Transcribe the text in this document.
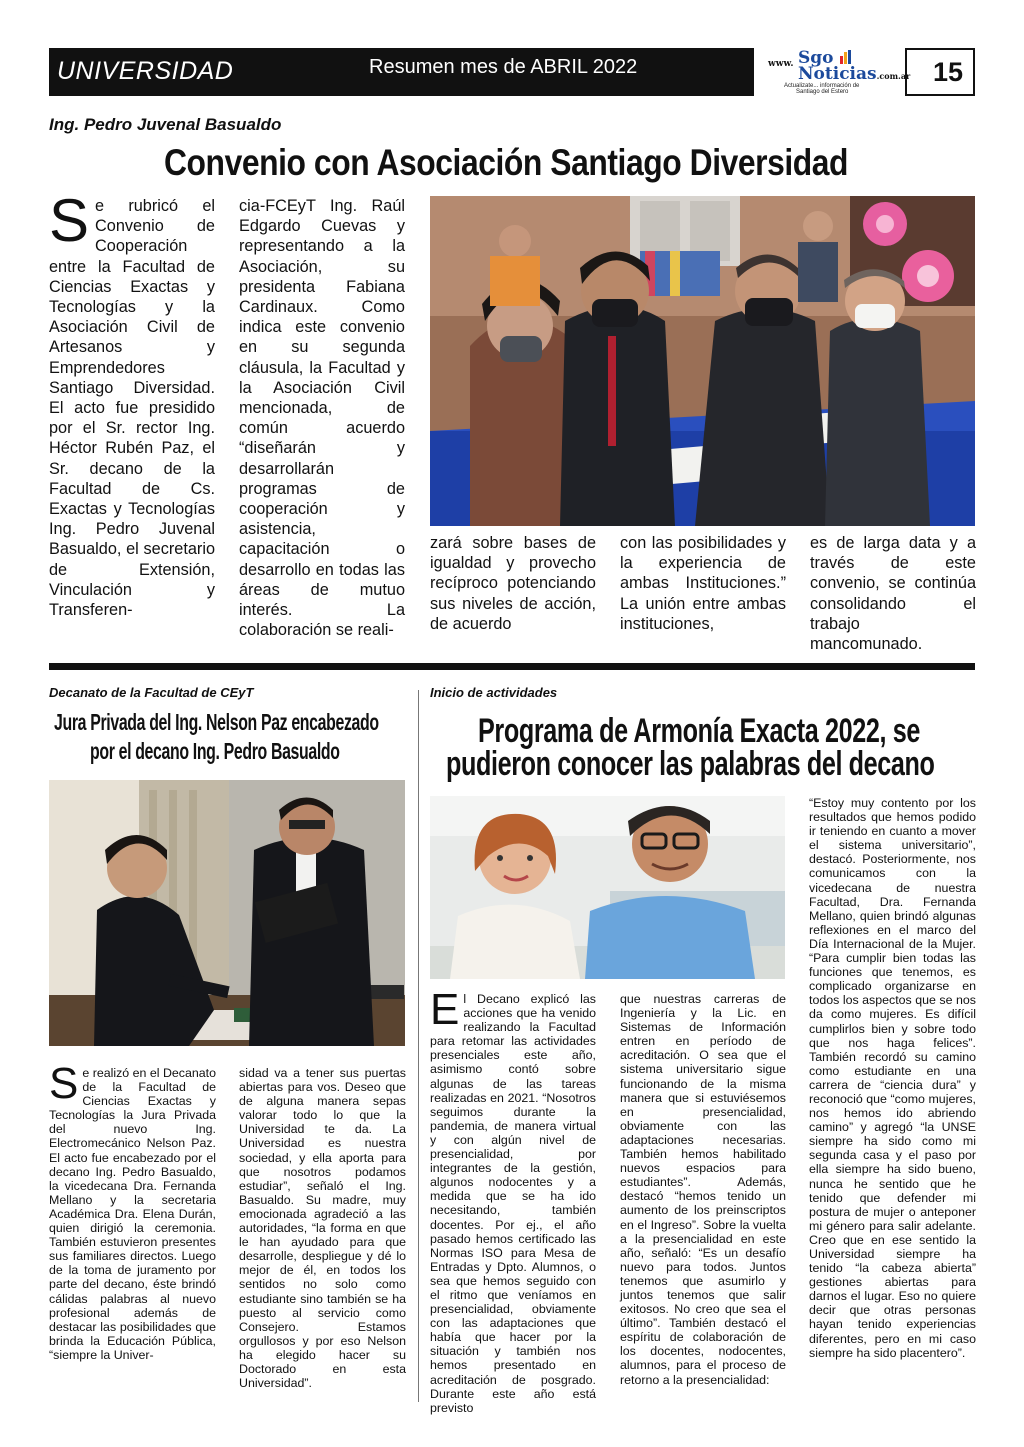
UNIVERSIDAD	Resumen mes de ABRIL 2022	www. Sgo
Noticias.com.ar
Actualizate... información de
Santiago del Estero
15
Ing. Pedro Juvenal Basualdo
Convenio con Asociación Santiago Diversidad
Se rubricó el Convenio de Cooperación entre la Facultad de Ciencias Exactas y Tecnologías y la Asociación Civil de Artesanos y Emprendedores Santiago Diversidad. El acto fue presidido por el Sr. rector Ing. Héctor Rubén Paz, el Sr. decano de la Facultad de Cs. Exactas y Tecnologías Ing. Pedro Juvenal Basualdo, el secretario de Extensión, Vinculación y Transferen-
cia-FCEyT Ing. Raúl Edgardo Cuevas y representando a la Asociación, su presidenta Fabiana Cardinaux. Como indica este convenio en su segunda cláusula, la Facultad y la Asociación Civil mencionada, de común acuerdo “diseñarán y desarrollarán programas de cooperación y asistencia, capacitación o desarrollo en todas las áreas de mutuo interés. La colaboración se reali-
zará sobre bases de igualdad y provecho recíproco potenciando sus niveles de acción, de acuerdo
con las posibilidades y la experiencia de ambas Instituciones.” La unión entre ambas instituciones,
es de larga data y a través de este convenio, se continúa consolidando el trabajo mancomunado.
Decanato de la Facultad de CEyT
Jura Privada del Ing. Nelson Paz encabezado
por el decano Ing. Pedro Basualdo
Se realizó en el Decanato de la Facultad de Ciencias Exactas y Tecnologías la Jura Privada del nuevo Ing. Electromecánico Nelson Paz. El acto fue encabezado por el decano Ing. Pedro Basualdo, la vicedecana Dra. Fernanda Mellano y la secretaria Académica Dra. Elena Durán, quien dirigió la ceremonia. También estuvieron presentes sus familiares directos. Luego de la toma de juramento por parte del decano, éste brindó cálidas palabras al nuevo profesional además de destacar las posibilidades que brinda la Educación Pública, “siempre la Univer-
sidad va a tener sus puertas abiertas para vos. Deseo que de alguna manera sepas valorar todo lo que la Universidad te da. La Universidad es nuestra sociedad, y ella aporta para que nosotros podamos estudiar”, señaló el Ing. Basualdo. Su madre, muy emocionada agradeció a las autoridades, “la forma en que le han ayudado para que desarrolle, despliegue y dé lo mejor de él, en todos los sentidos no solo como estudiante sino también se ha puesto al servicio como Consejero. Estamos orgullosos y por eso Nelson ha elegido hacer su Doctorado en esta Universidad”.
Inicio de actividades
Programa de Armonía Exacta 2022, se
pudieron conocer las palabras del decano
El Decano explicó las acciones que ha venido realizando la Facultad para retomar las actividades presenciales este año, asimismo contó sobre algunas de las tareas realizadas en 2021. “Nosotros seguimos durante la pandemia, de manera virtual y con algún nivel de presencialidad, por integrantes de la gestión, algunos nodocentes y a medida que se ha ido necesitando, también docentes. Por ej., el año pasado hemos certificado las Normas ISO para Mesa de Entradas y Dpto. Alumnos, o sea que hemos seguido con el ritmo que veníamos en presencialidad, obviamente con las adaptaciones que había que hacer por la situación y también nos hemos presentado en acreditación de posgrado. Durante este año está previsto
que nuestras carreras de Ingeniería y la Lic. en Sistemas de Información entren en período de acreditación. O sea que el sistema universitario sigue funcionando de la misma manera que si estuviésemos en presencialidad, obviamente con las adaptaciones necesarias. También hemos habilitado nuevos espacios para estudiantes”. Además, destacó “hemos tenido un aumento de los preinscriptos en el Ingreso”. Sobre la vuelta a la presencialidad en este año, señaló: “Es un desafío nuevo para todos. Juntos tenemos que asumirlo y juntos tenemos que salir exitosos. No creo que sea el último”. También destacó el espíritu de colaboración de los docentes, nodocentes, alumnos, para el proceso de retorno a la presencialidad:
“Estoy muy contento por los resultados que hemos podido ir teniendo en cuanto a mover el sistema universitario”, destacó. Posteriormente, nos comunicamos con la vicedecana de nuestra Facultad, Dra. Fernanda Mellano, quien brindó algunas reflexiones en el marco del Día Internacional de la Mujer. “Para cumplir bien todas las funciones que tenemos, es complicado organizarse en todos los aspectos que se nos da como mujeres. Es difícil cumplirlos bien y sobre todo que nos haga felices”. También recordó su camino como estudiante en una carrera de “ciencia dura” y reconoció que “como mujeres, nos hemos ido abriendo camino” y agregó “la UNSE siempre ha sido como mi segunda casa y el paso por ella siempre ha sido bueno, nunca he sentido que he tenido que defender mi postura de mujer o anteponer mi género para salir adelante. Creo que en ese sentido la Universidad siempre ha tenido “la cabeza abierta” gestiones abiertas para darnos el lugar. Eso no quiere decir que otras personas hayan tenido experiencias diferentes, pero en mi caso siempre ha sido placentero”.
